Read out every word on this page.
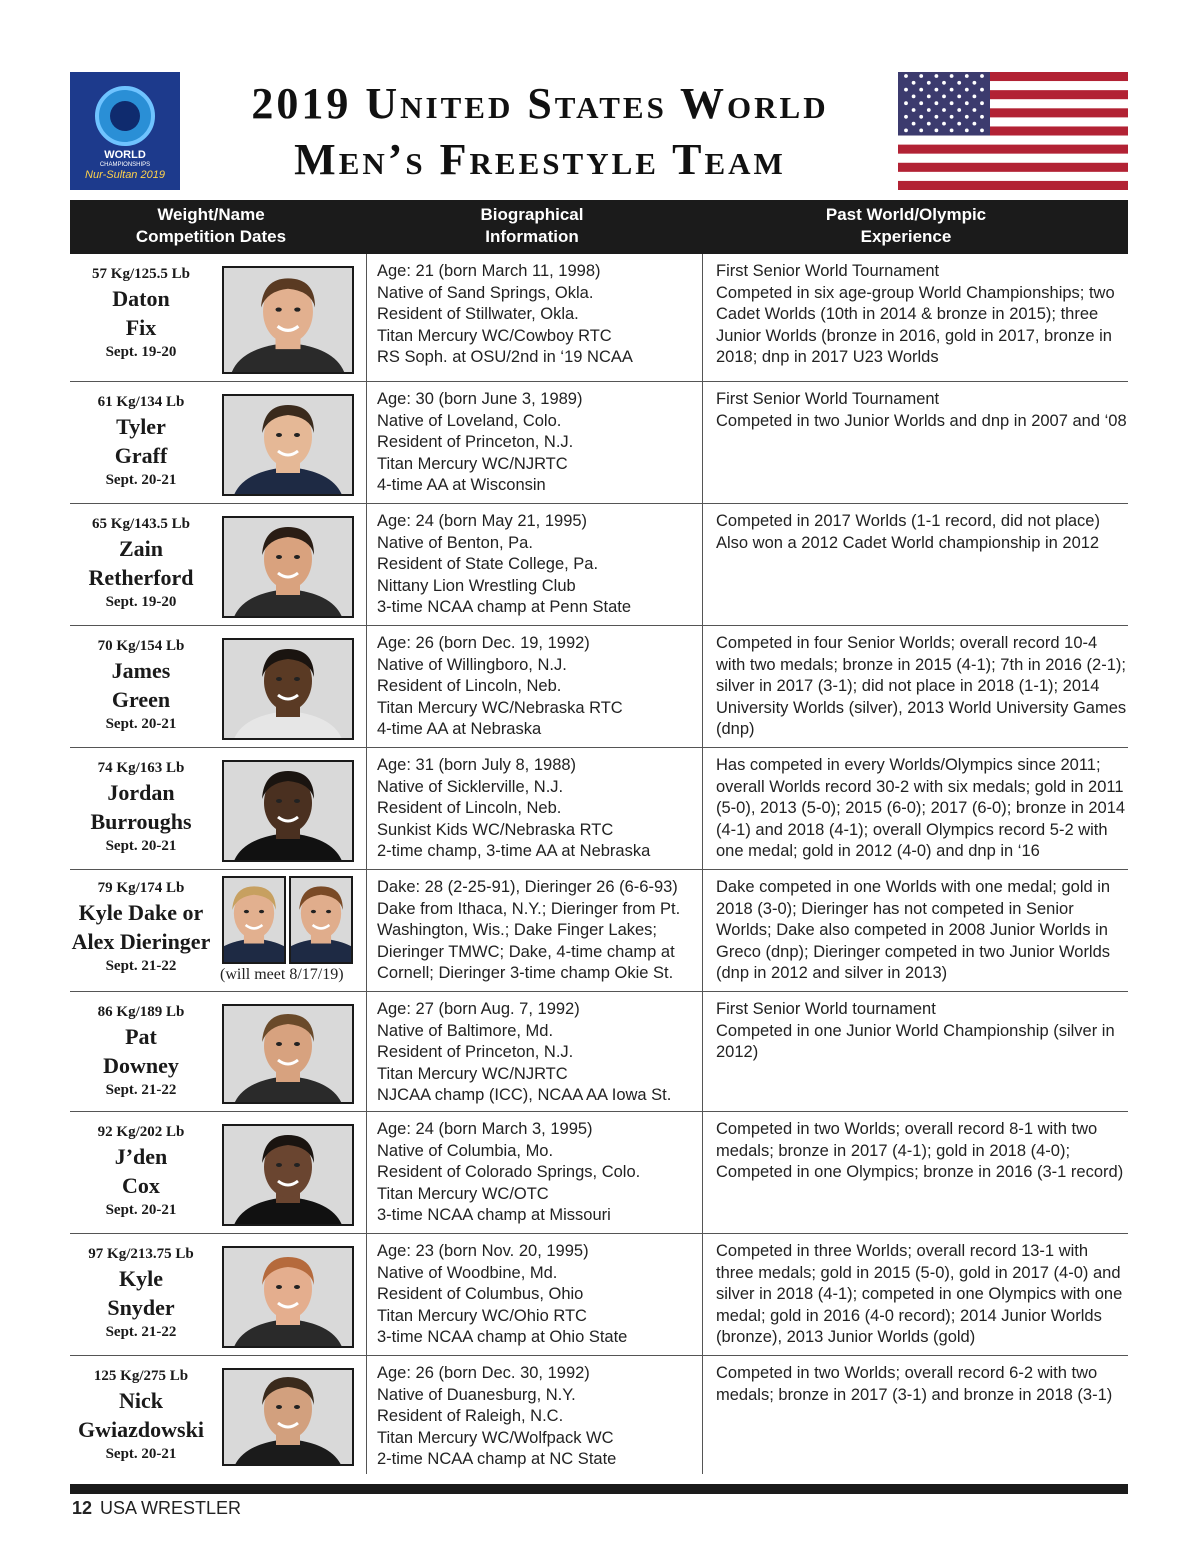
WORLD
CHAMPIONSHIPS
Nur-Sultan 2019
2019 United States World
Men’s Freestyle Team
Weight/Name
Competition Dates
Biographical
Information
Past World/Olympic
Experience
57 Kg/125.5 Lb
Daton
Fix
Sept. 19-20
Age: 21 (born March 11, 1998)
Native of Sand Springs, Okla.
Resident of Stillwater, Okla.
Titan Mercury WC/Cowboy RTC
RS Soph. at OSU/2nd in ‘19 NCAA
First Senior World Tournament
Competed in six age-group World Championships; two Cadet Worlds (10th in 2014 & bronze in 2015); three Junior Worlds (bronze in 2016, gold in 2017, bronze in 2018; dnp in 2017 U23 Worlds
61 Kg/134 Lb
Tyler
Graff
Sept. 20-21
Age: 30 (born June 3, 1989)
Native of Loveland, Colo.
Resident of Princeton, N.J.
Titan Mercury WC/NJRTC
4-time AA at Wisconsin
First Senior World Tournament
Competed in two Junior Worlds and dnp in 2007 and ‘08
65 Kg/143.5 Lb
Zain
Retherford
Sept. 19-20
Age: 24 (born May 21, 1995)
Native of Benton, Pa.
Resident of State College, Pa.
Nittany Lion Wrestling Club
3-time NCAA champ at Penn State
Competed in 2017 Worlds (1-1 record, did not place)
Also won a 2012 Cadet World championship in 2012
70 Kg/154 Lb
James
Green
Sept. 20-21
Age: 26 (born Dec. 19, 1992)
Native of Willingboro, N.J.
Resident of Lincoln, Neb.
Titan Mercury WC/Nebraska RTC
4-time AA at Nebraska
Competed in four Senior Worlds; overall record 10-4 with two medals; bronze in 2015 (4-1); 7th in 2016 (2-1); silver in 2017 (3-1); did not place in 2018 (1-1); 2014 University Worlds (silver), 2013 World University Games (dnp)
74 Kg/163 Lb
Jordan
Burroughs
Sept. 20-21
Age: 31 (born July 8, 1988)
Native of Sicklerville, N.J.
Resident of Lincoln, Neb.
Sunkist Kids WC/Nebraska RTC
2-time champ, 3-time AA at Nebraska
Has competed in every Worlds/Olympics since 2011; overall Worlds record 30-2 with six medals; gold in 2011 (5-0), 2013 (5-0); 2015 (6-0); 2017 (6-0); bronze in 2014 (4-1) and 2018 (4-1); overall Olympics record 5-2 with one medal; gold in 2012 (4-0) and dnp in ‘16
79 Kg/174 Lb
Kyle Dake or
Alex Dieringer
Sept. 21-22	(will meet 8/17/19)
Dake: 28 (2-25-91), Dieringer 26 (6-6-93)
Dake from Ithaca, N.Y.; Dieringer from Pt.
Washington, Wis.; Dake Finger Lakes;
Dieringer TMWC; Dake, 4-time champ at
Cornell; Dieringer 3-time champ Okie St.
Dake competed in one Worlds with one medal; gold in 2018 (3-0); Dieringer has not competed in Senior Worlds; Dake also competed in 2008 Junior Worlds in Greco (dnp); Dieringer competed in two Junior Worlds (dnp in 2012 and silver in 2013)
86 Kg/189 Lb
Pat
Downey
Sept. 21-22
Age: 27 (born Aug. 7, 1992)
Native of Baltimore, Md.
Resident of Princeton, N.J.
Titan Mercury WC/NJRTC
NJCAA champ (ICC), NCAA AA Iowa St.
First Senior World tournament
Competed in one Junior World Championship (silver in 2012)
92 Kg/202 Lb
J’den
Cox
Sept. 20-21
Age: 24 (born March 3, 1995)
Native of Columbia, Mo.
Resident of Colorado Springs, Colo.
Titan Mercury WC/OTC
3-time NCAA champ at Missouri
Competed in two Worlds; overall record 8-1 with two medals; bronze in 2017 (4-1); gold in 2018 (4-0); Competed in one Olympics; bronze in 2016 (3-1 record)
97 Kg/213.75 Lb
Kyle
Snyder
Sept. 21-22
Age: 23 (born Nov. 20, 1995)
Native of Woodbine, Md.
Resident of Columbus, Ohio
Titan Mercury WC/Ohio RTC
3-time NCAA champ at Ohio State
Competed in three Worlds; overall record 13-1 with three medals; gold in 2015 (5-0), gold in 2017 (4-0) and silver in 2018 (4-1); competed in one Olympics with one medal; gold in 2016 (4-0 record); 2014 Junior Worlds (bronze), 2013 Junior Worlds (gold)
125 Kg/275 Lb
Nick
Gwiazdowski
Sept. 20-21
Age: 26 (born Dec. 30, 1992)
Native of Duanesburg, N.Y.
Resident of Raleigh, N.C.
Titan Mercury WC/Wolfpack WC
2-time NCAA champ at NC State
Competed in two Worlds; overall record 6-2 with two medals; bronze in 2017 (3-1) and bronze in 2018 (3-1)
12 USA WRESTLER
